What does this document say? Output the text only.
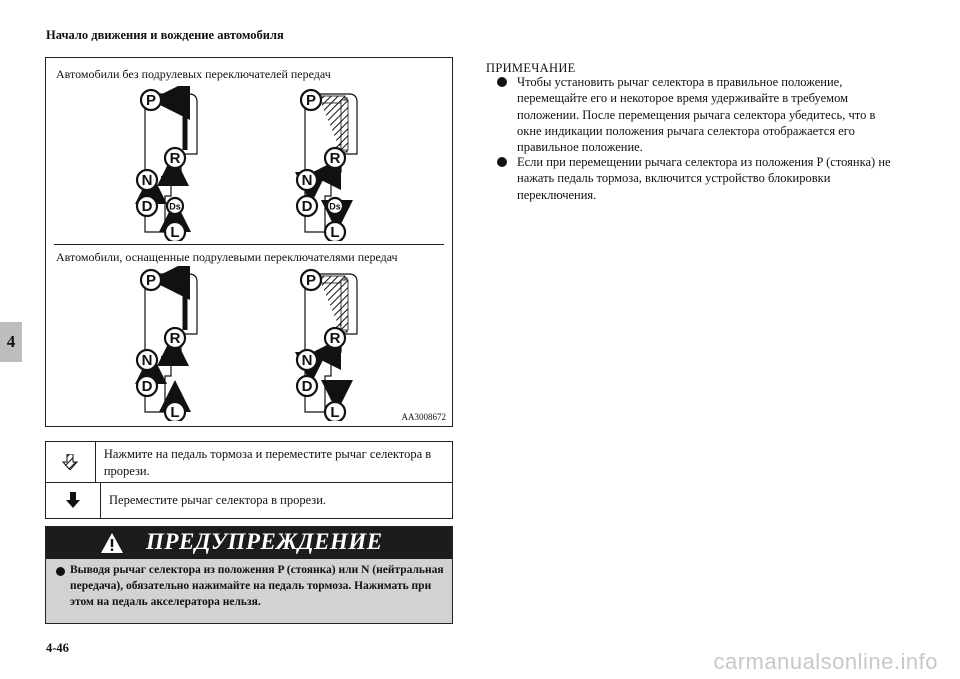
Начало движения и вождение автомобиля
4
Автомобили без подрулевых переключателей передач
Автомобили, оснащенные подрулевыми переключателями передач
AA3008672
P
R
N
D
L
Ds
P
R
N
D
L
Ds
P
R
N
D
L
P
R
N
D
L
Нажмите на педаль тормоза и переместите рычаг селектора в прорези.
Переместите рычаг селектора в прорези.
ПРЕДУПРЕЖДЕНИЕ
Выводя рычаг селектора из положения P (стоянка) или N (нейтральная передача), обязательно нажимайте на педаль тормоза. Нажимать при этом на педаль акселератора нельзя.
ПРИМЕЧАНИЕ
Чтобы установить рычаг селектора в правильное положение, перемещайте его и некоторое время удерживайте в требуемом положении. После перемещения рычага селектора убедитесь, что в окне индикации положения рычага селектора отображается его правильное положение.
Если при перемещении рычага селектора из положения P (стоянка) не нажать педаль тормоза, включится устройство блокировки переключения.
4-46
carmanualsonline.info
